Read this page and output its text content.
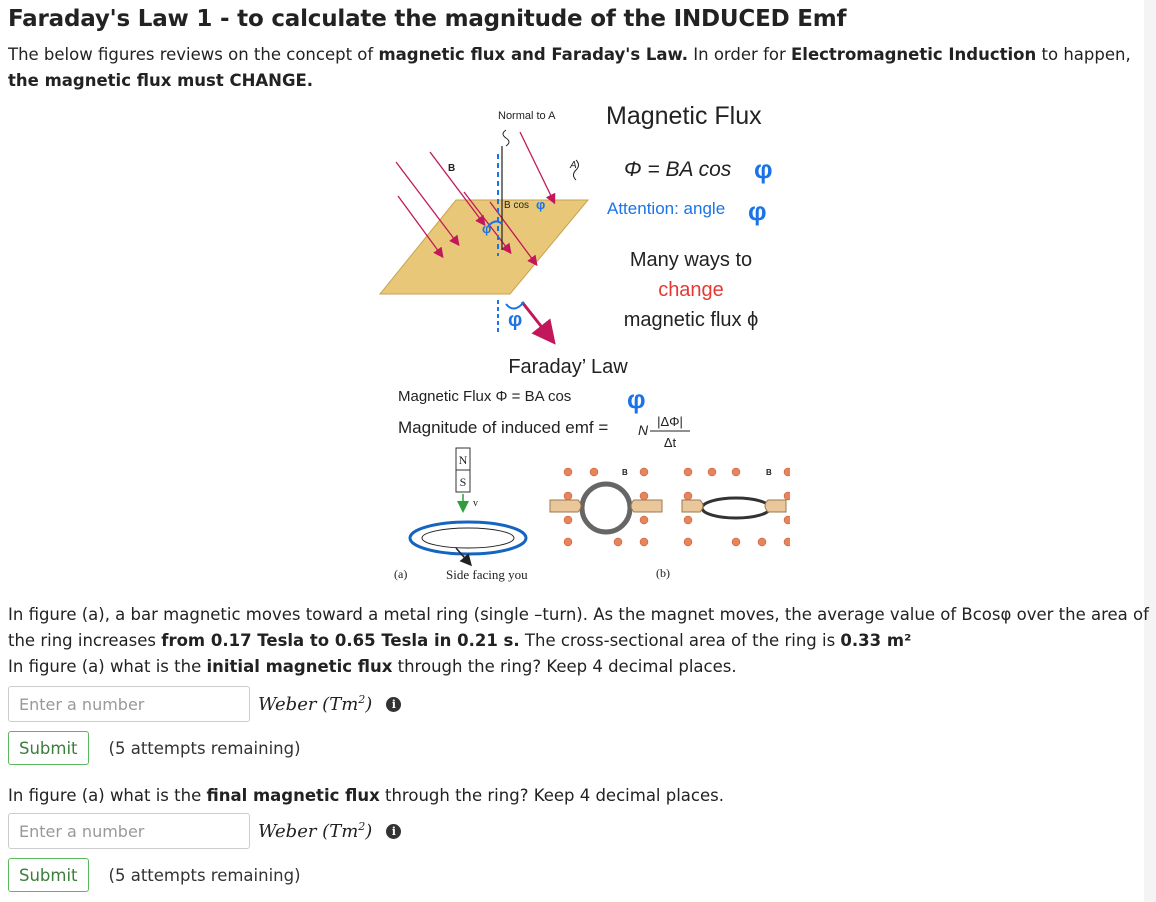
Faraday's Law 1 - to calculate the magnitude of the INDUCED Emf
The below figures reviews on the concept of magnetic flux and Faraday's Law. In order for Electromagnetic Induction to happen, the magnetic flux must CHANGE.
Normal to A
B	A
B cos φ
φ
φ
Magnetic Flux
Φ = BA cos φ
Attention: angle φ
Many ways to
change
magnetic flux ϕ
Faraday’ Law
Magnetic Flux Φ = BA cos φ
Magnitude of induced emf = N
|ΔΦ|
Δt
N
S
v
(a)	Side facing you	(b)
B	B
In figure (a), a bar magnetic moves toward a metal ring (single –turn). As the magnet moves, the average value of Bcosφ over the area of the ring increases from 0.17 Tesla to 0.65 Tesla in 0.21 s. The cross-sectional area of the ring is 0.33 m²
In figure (a) what is the initial magnetic flux through the ring? Keep 4 decimal places.
Enter a number
Weber (Tm$^2$)	i
Submit	(5 attempts remaining)
In figure (a) what is the final magnetic flux through the ring? Keep 4 decimal places.
Enter a number
Weber (Tm$^2$)	i
Submit	(5 attempts remaining)
